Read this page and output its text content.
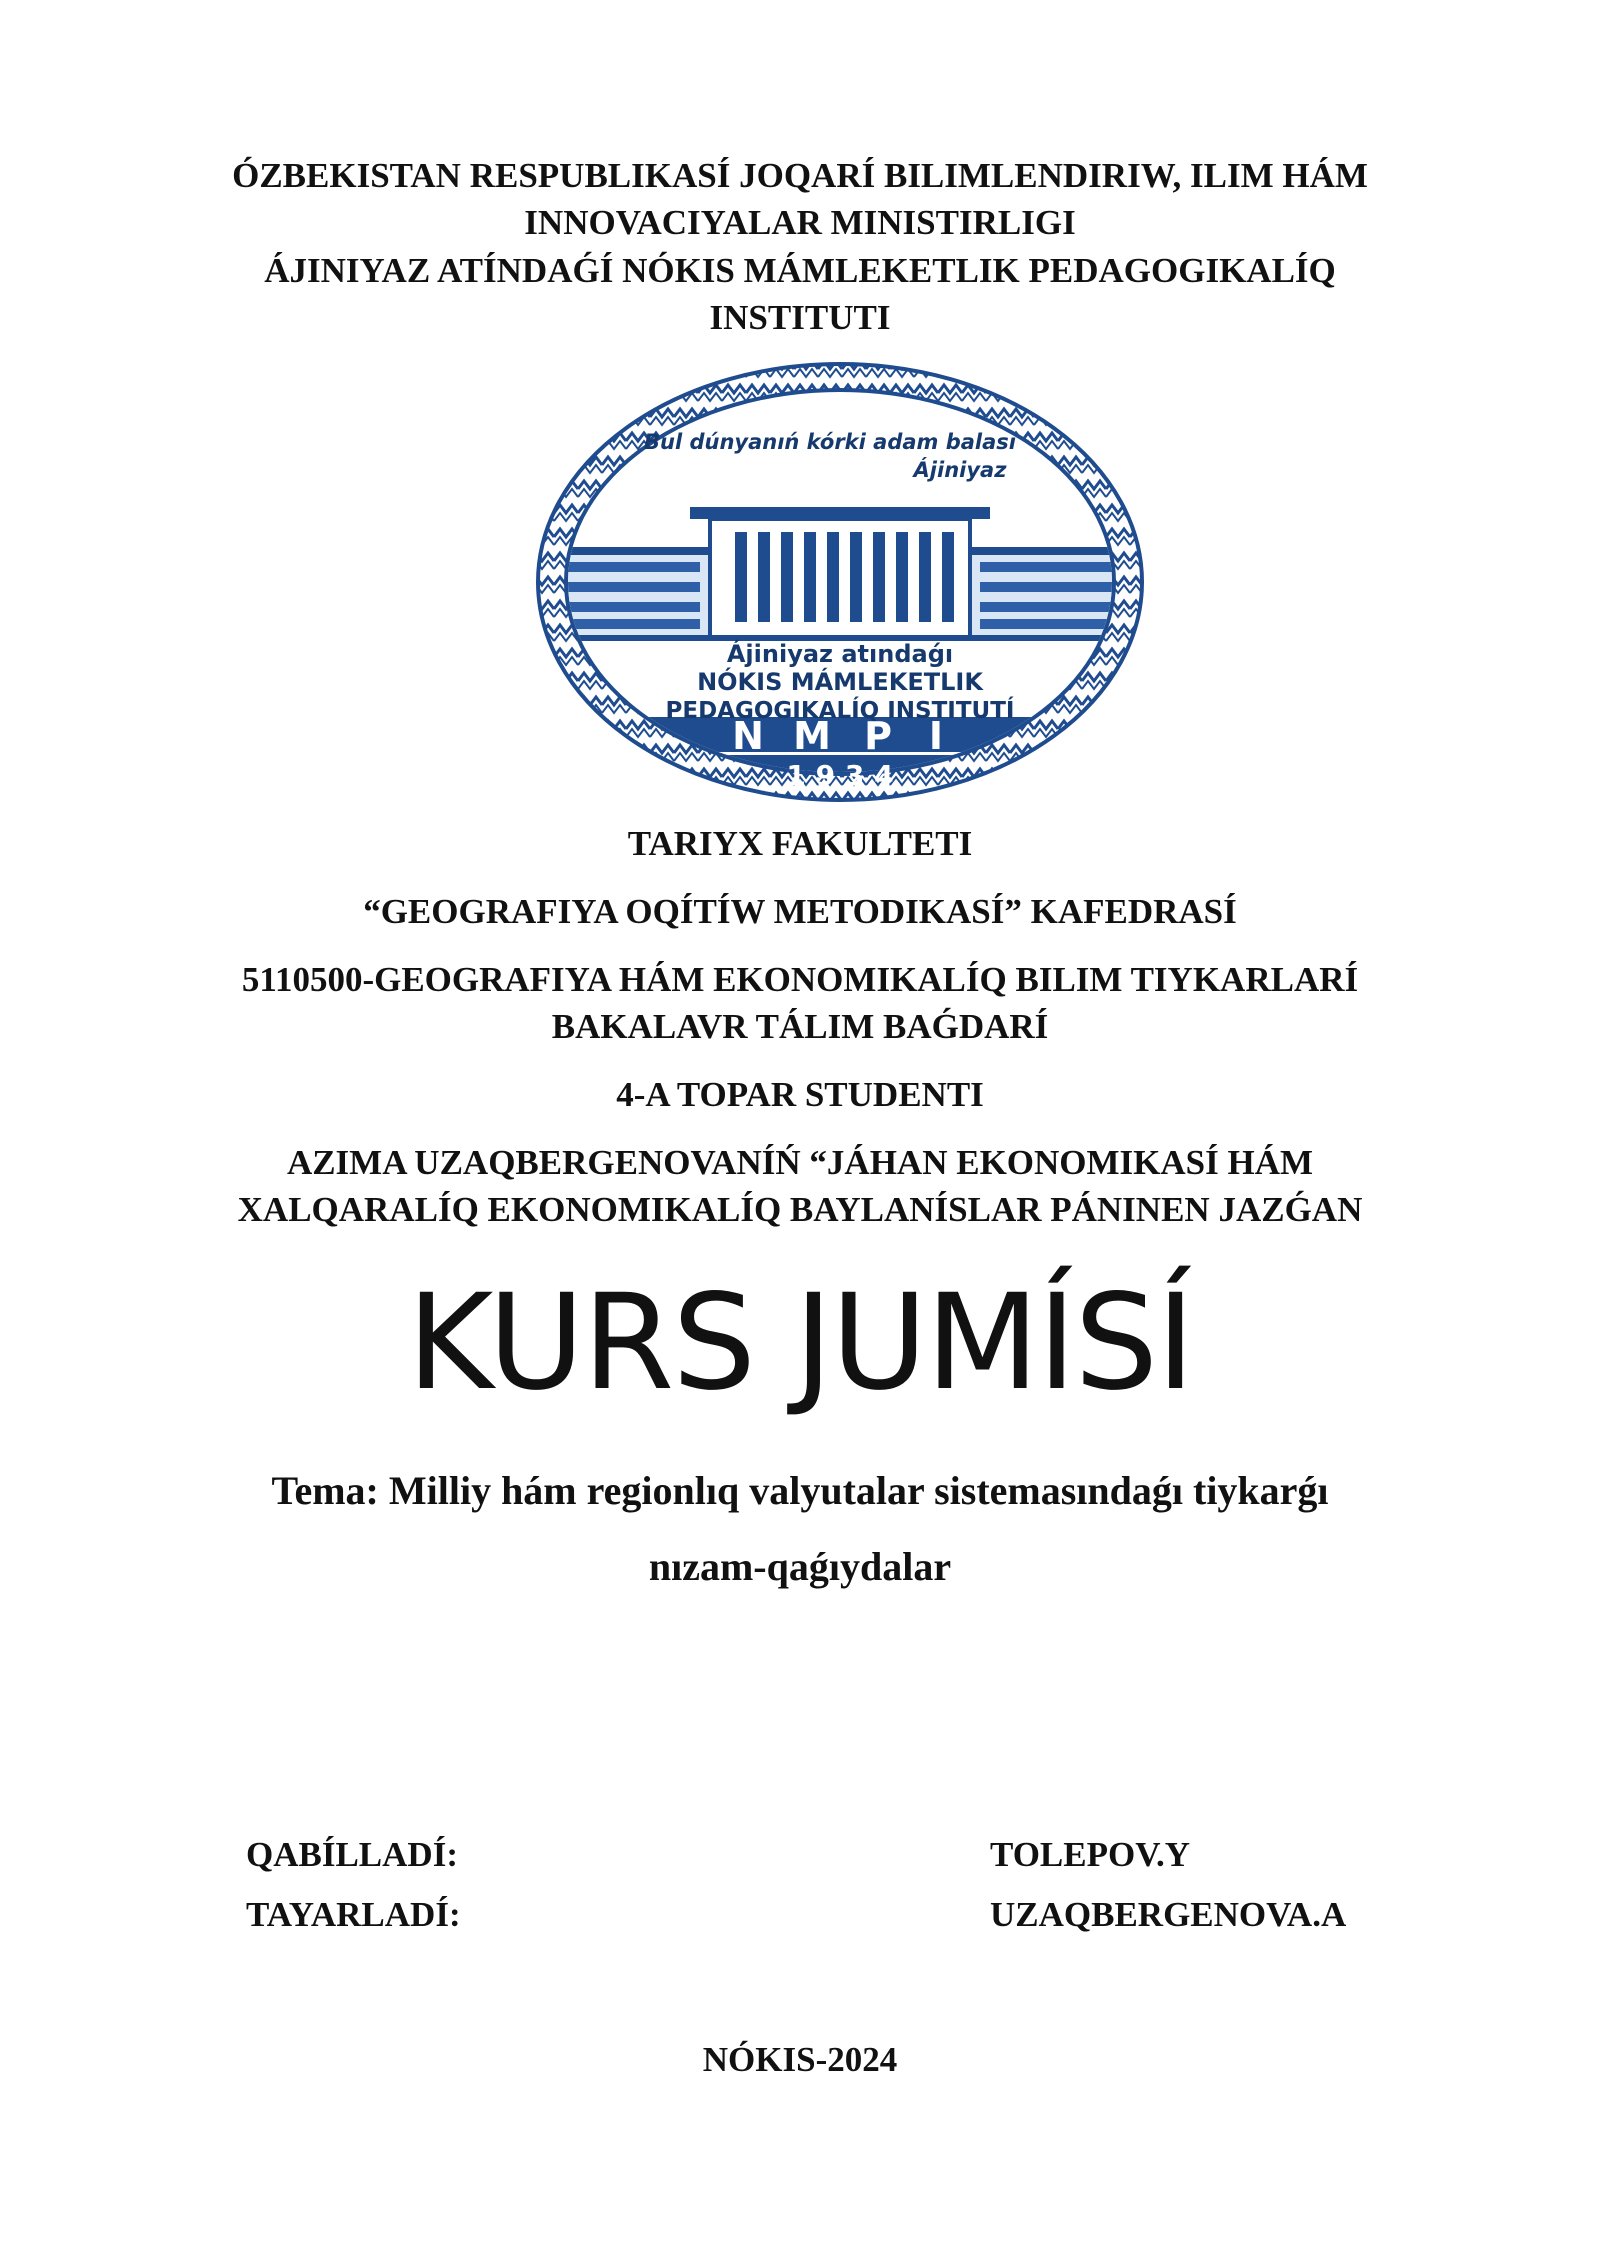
ÓZBEKISTAN RESPUBLIKASÍ JOQARÍ BILIMLENDIRIW, ILIM HÁM
INNOVACIYALAR MINISTIRLIGI
ÁJINIYAZ ATÍNDAǴÍ NÓKIS MÁMLEKETLIK PEDAGOGIKALÍQ
INSTITUTI
Bul dúnyanıń kórki adam balası
Ájiniyaz
Ájiniyaz atındaǵı
NÓKIS MÁMLEKETLIK
PEDAGOGIKALÍQ INSTITUTÍ
N M P I
1 9 3 4
TARIYX FAKULTETI
“GEOGRAFIYA OQÍTÍW METODIKASÍ” KAFEDRASÍ
5110500-GEOGRAFIYA HÁM EKONOMIKALÍQ BILIM TIYKARLARÍ
BAKALAVR TÁLIM BAǴDARÍ
4-A TOPAR STUDENTI
AZIMA UZAQBERGENOVANÍŃ “JÁHAN EKONOMIKASÍ HÁM
XALQARALÍQ EKONOMIKALÍQ BAYLANÍSLAR PÁNINEN JAZǴAN
KURS JUMÍSÍ
Tema: Milliy hám regionlıq valyutalar sistemasındaǵı tiykarǵı
nızam-qaǵıydalar
QABÍLLADÍ:	TOLEPOV.Y
TAYARLADÍ:	UZAQBERGENOVA.A
NÓKIS-2024
